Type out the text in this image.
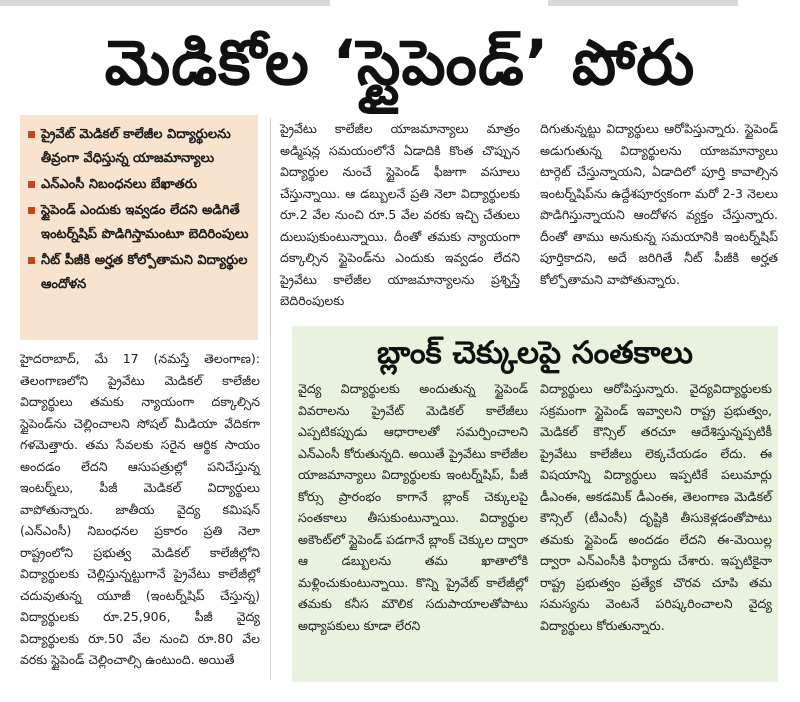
మెడికోల ‘స్టైపెండ్’ పోరు
ప్రైవేట్ మెడికల్ కాలేజీల విద్యార్థులను తీవ్రంగా వేధిస్తున్న యాజమాన్యాలు
ఎన్ఎంసీ నిబంధనలు బేఖాతరు
స్టైపెండ్ ఎందుకు ఇవ్వడం లేదని అడిగితే ఇంటర్న్‌షిప్ పొడిగిస్తామంటూ బెదిరింపులు
నీట్ పీజీకి అర్హత కోల్పోతామని విద్యార్థుల ఆందోళన

హైదరాబాద్, మే 17 (నమస్తే తెలంగాణ): తెలంగాణలోని ప్రైవేటు మెడికల్ కాలేజీల విద్యార్థులు తమకు న్యాయంగా దక్కాల్సిన స్టైపెండ్‌ను చెల్లించాలని సోషల్ మీడియా వేదికగా గళమెత్తారు. తమ సేవలకు సరైన ఆర్థిక సాయం అందడం లేదని ఆసుపత్రుల్లో పనిచేస్తున్న ఇంటర్న్‌లు, పీజీ మెడికల్ విద్యార్థులు వాపోతున్నారు. జాతీయ వైద్య కమిషన్ (ఎన్ఎంసీ) నిబంధనల ప్రకారం ప్రతి నెలా రాష్ట్రంలోని ప్రభుత్వ మెడికల్ కాలేజీల్లోని విద్యార్థులకు చెల్లిస్తున్నట్టుగానే ప్రైవేటు కాలేజీల్లో చదువుతున్న యూజీ (ఇంటర్న్‌షిప్ చేస్తున్న) విద్యార్థులకు రూ.25,906, పీజీ వైద్య విద్యార్థులకు రూ.50 వేల నుంచి రూ.80 వేల వరకు స్టైపెండ్ చెల్లించాల్సి ఉంటుంది. అయితే

ప్రైవేటు కాలేజీల యాజమాన్యాలు మాత్రం అడ్మిషన్ల సమయంలోనే ఏడాదికి కొంత చొప్పున విద్యార్థుల నుంచే స్టైపెండ్ ఫీజుగా వసూలు చేస్తున్నాయి. ఆ డబ్బులనే ప్రతి నెలా విద్యార్థులకు రూ.2 వేల నుంచి రూ.5 వేల వరకు ఇచ్చి చేతులు దులుపుకుంటున్నాయి. దీంతో తమకు న్యాయంగా దక్కాల్సిన స్టైపెండ్‌ను ఎందుకు ఇవ్వడం లేదని ప్రైవేటు కాలేజీల యాజమాన్యాలను ప్రశ్నిస్తే బెదిరింపులకు

దిగుతున్నట్టు విద్యార్థులు ఆరోపిస్తున్నారు. స్టైపెండ్ అడుగుతున్న విద్యార్థులను యాజమాన్యాలు టార్గెట్ చేస్తున్నాయని, ఏడాదిలో పూర్తి కావాల్సిన ఇంటర్న్‌షిప్‌ను ఉద్దేశపూర్వకంగా మరో 2-3 నెలలు పొడిగిస్తున్నాయని ఆందోళన వ్యక్తం చేస్తున్నారు. దీంతో తాము అనుకున్న సమయానికి ఇంటర్న్‌షిప్ పూర్తికాదని, అదే జరిగితే నీట్ పీజీకి అర్హత కోల్పోతామని వాపోతున్నారు.

బ్లాంక్ చెక్కులపై సంతకాలు

వైద్య విద్యార్థులకు అందుతున్న స్టైపెండ్ వివరాలను ప్రైవేట్ మెడికల్ కాలేజీలు ఎప్పటికప్పుడు ఆధారాలతో సమర్పించాలని ఎన్ఎంసీ కోరుతున్నది. అయితే ప్రైవేటు కాలేజీల యాజమాన్యాలు విద్యార్థులకు ఇంటర్న్‌షిప్, పీజీ కోర్సు ప్రారంభం కాగానే బ్లాంక్ చెక్కులపై సంతకాలు తీసుకుంటున్నాయి. విద్యార్థుల అకౌంట్‌లో స్టైపెండ్ పడగానే బ్లాంక్ చెక్కుల ద్వారా ఆ డబ్బులను తమ ఖాతాలోకి మళ్లించుకుంటున్నాయి. కొన్ని ప్రైవేట్ కాలేజీల్లో తమకు కనీస మౌలిక సదుపాయాలతోపాటు అధ్యాపకులు కూడా లేరని

విద్యార్థులు ఆరోపిస్తున్నారు. వైద్యవిద్యార్థులకు సక్రమంగా స్టైపెండ్ ఇవ్వాలని రాష్ట్ర ప్రభుత్వం, మెడికల్ కౌన్సిల్ తరచూ ఆదేశిస్తున్నప్పటికీ ప్రైవేటు కాలేజీలు లెక్కచేయడం లేదు. ఈ విషయాన్ని విద్యార్థులు ఇప్పటికే పలుమార్లు డీఎంఈ, అకడమిక్ డీఎంఈ, తెలంగాణ మెడికల్ కౌన్సిల్ (టీఎంసీ) దృష్టికి తీసుకెళ్లడంతోపాటు తమకు స్టైపెండ్ అందడం లేదని ఈ-మెయిల్ల ద్వారా ఎన్ఎంసీకి ఫిర్యాదు చేశారు. ఇప్పటికైనా రాష్ట్ర ప్రభుత్వం ప్రత్యేక చొరవ చూపి తమ సమస్యను వెంటనే పరిష్కరించాలని వైద్య విద్యార్థులు కోరుతున్నారు.
